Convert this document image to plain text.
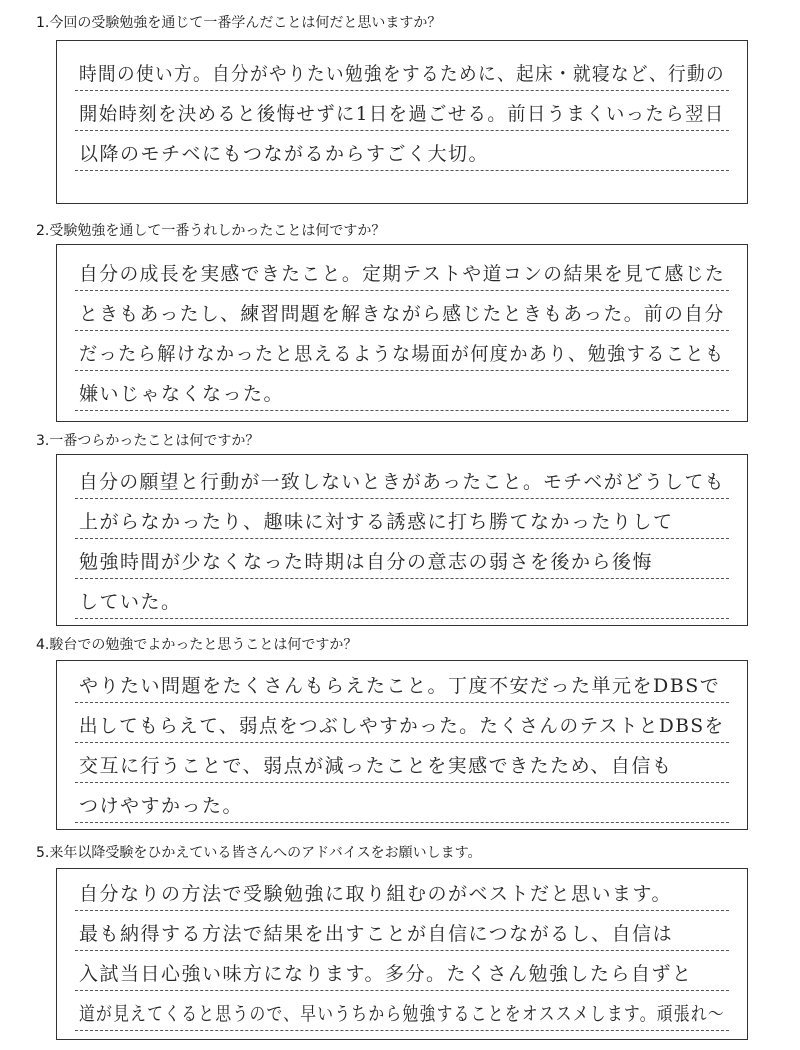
1.今回の受験勉強を通じて一番学んだことは何だと思いますか？
時間の使い方。自分がやりたい勉強をするために、起床・就寝など、行動の
開始時刻を決めると後悔せずに1日を過ごせる。前日うまくいったら翌日
以降のモチベにもつながるからすごく大切。
2.受験勉強を通して一番うれしかったことは何ですか？
自分の成長を実感できたこと。定期テストや道コンの結果を見て感じた
ときもあったし、練習問題を解きながら感じたときもあった。前の自分
だったら解けなかったと思えるような場面が何度かあり、勉強することも
嫌いじゃなくなった。
3.一番つらかったことは何ですか？
自分の願望と行動が一致しないときがあったこと。モチベがどうしても
上がらなかったり、趣味に対する誘惑に打ち勝てなかったりして
勉強時間が少なくなった時期は自分の意志の弱さを後から後悔
していた。
4.駿台での勉強でよかったと思うことは何ですか？
やりたい問題をたくさんもらえたこと。丁度不安だった単元をDBSで
出してもらえて、弱点をつぶしやすかった。たくさんのテストとDBSを
交互に行うことで、弱点が減ったことを実感できたため、自信も
つけやすかった。
5.来年以降受験をひかえている皆さんへのアドバイスをお願いします。
自分なりの方法で受験勉強に取り組むのがベストだと思います。
最も納得する方法で結果を出すことが自信につながるし、自信は
入試当日心強い味方になります。多分。たくさん勉強したら自ずと
道が見えてくると思うので、早いうちから勉強することをオススメします。頑張れ～
